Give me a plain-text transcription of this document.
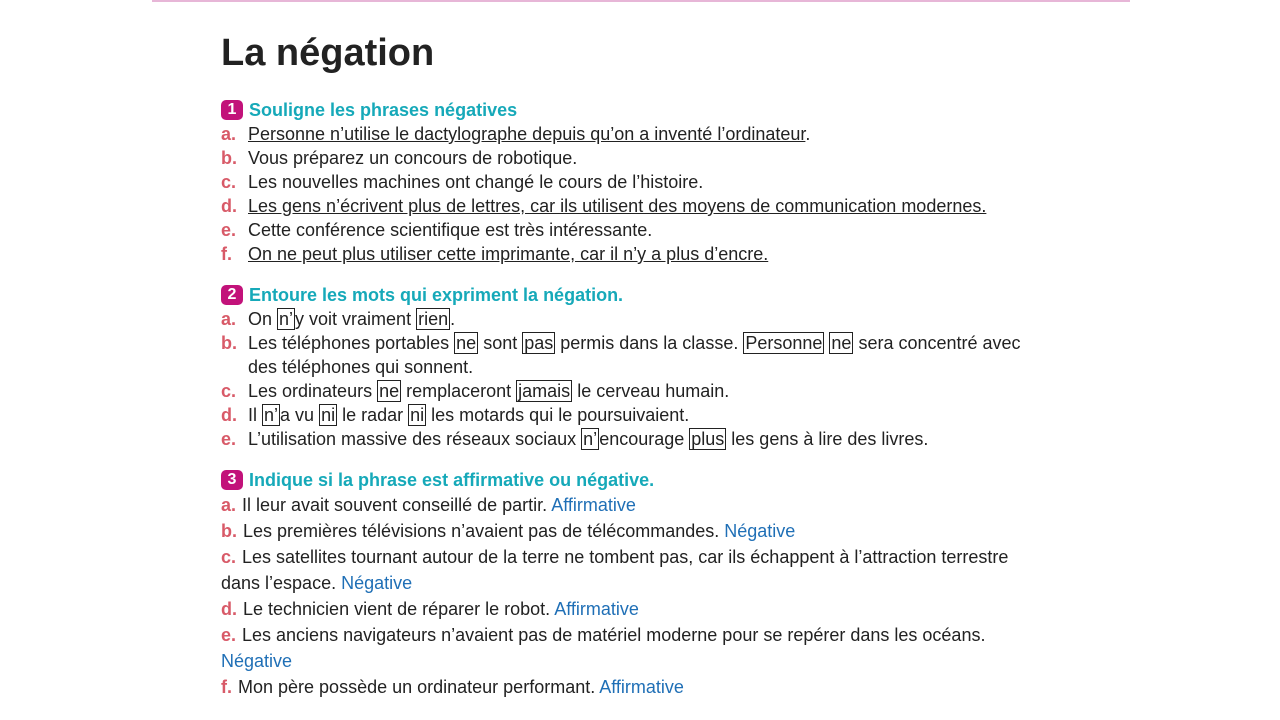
La négation
1 Souligne les phrases négatives
a. Personne n’utilise le dactylographe depuis qu’on a inventé l’ordinateur.
b. Vous préparez un concours de robotique.
c. Les nouvelles machines ont changé le cours de l’histoire.
d. Les gens n’écrivent plus de lettres, car ils utilisent des moyens de communication modernes.
e. Cette conférence scientifique est très intéressante.
f. On ne peut plus utiliser cette imprimante, car il n’y a plus d’encre.
2 Entoure les mots qui expriment la négation.
a. On n’ y voit vraiment rien .
b. Les téléphones portables ne sont pas permis dans la classe. Personne ne sera concentré avec
des téléphones qui sonnent.
c. Les ordinateurs ne remplaceront jamais le cerveau humain.
d. Il n’ a vu ni le radar ni les motards qui le poursuivaient.
e. L’utilisation massive des réseaux sociaux n’ encourage plus les gens à lire des livres.
3 Indique si la phrase est affirmative ou négative.
a. Il leur avait souvent conseillé de partir. Affirmative
b. Les premières télévisions n’avaient pas de télécommandes. Négative
c. Les satellites tournant autour de la terre ne tombent pas, car ils échappent à l’attraction terrestre
dans l’espace. Négative
d. Le technicien vient de réparer le robot. Affirmative
e. Les anciens navigateurs n’avaient pas de matériel moderne pour se repérer dans les océans.
Négative
f. Mon père possède un ordinateur performant. Affirmative
